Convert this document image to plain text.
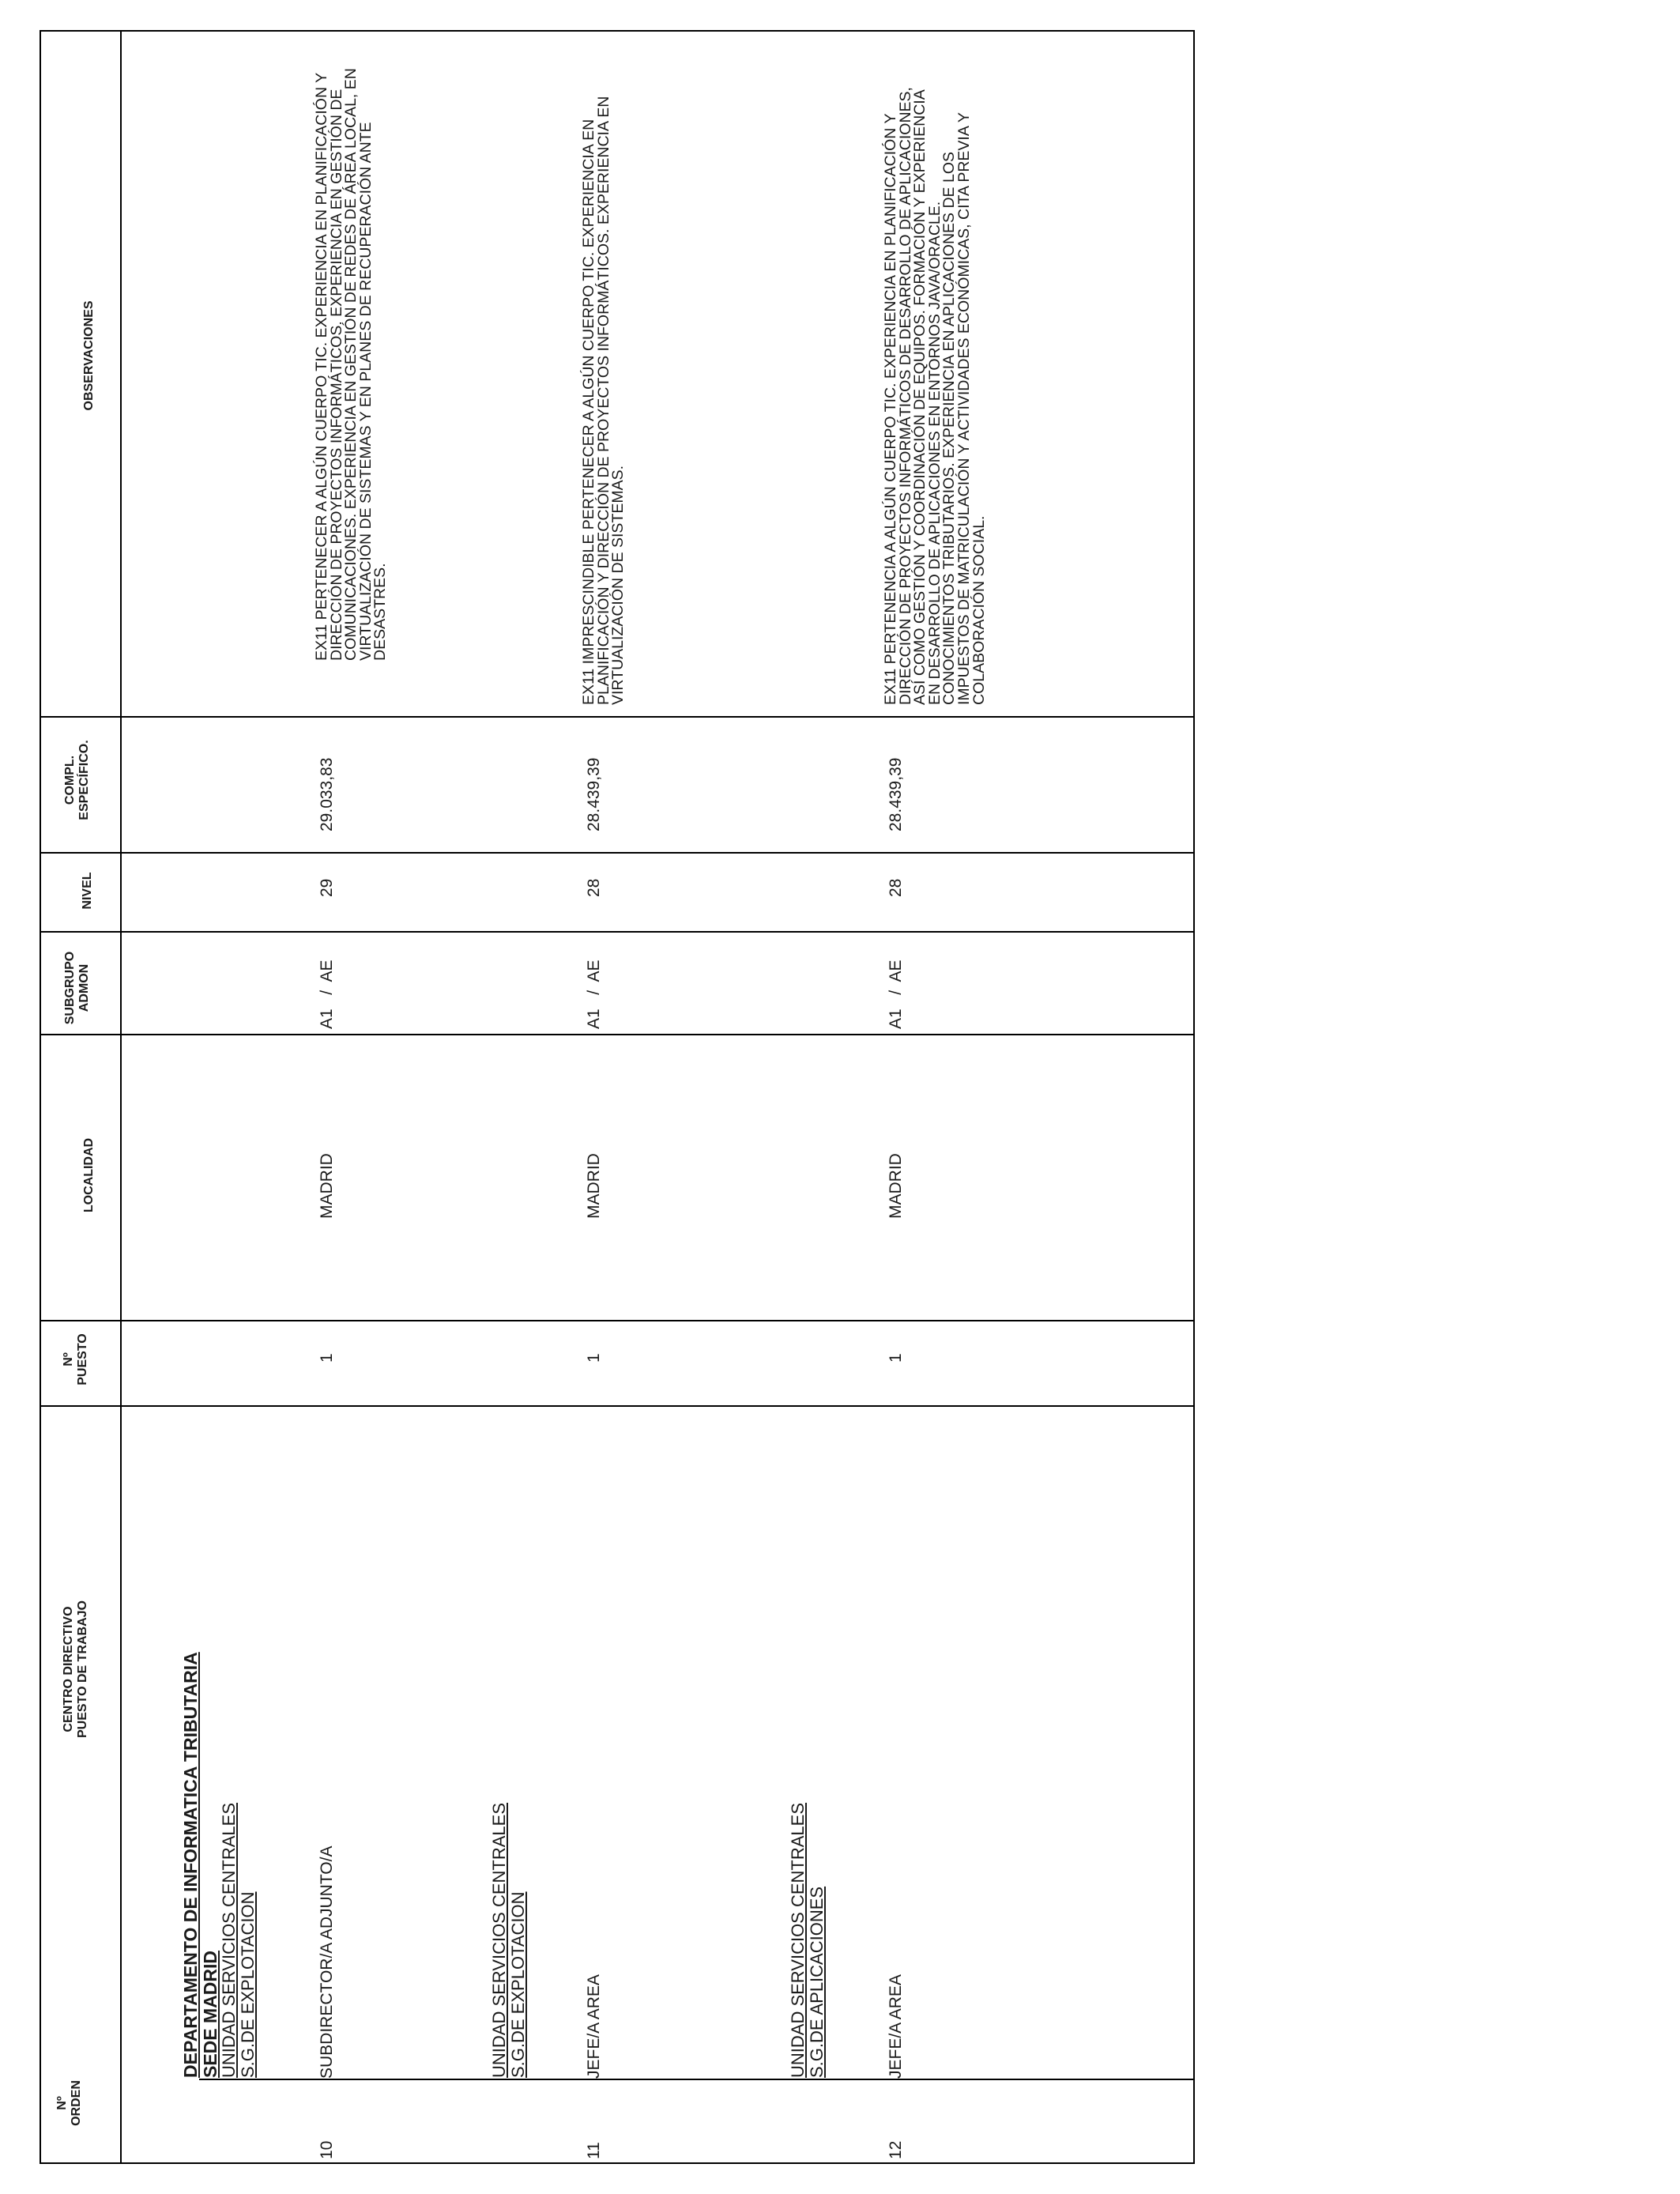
Nº ORDEN
CENTRO DIRECTIVO PUESTO DE TRABAJO
Nº PUESTO
LOCALIDAD
SUBGRUPO ADMON
NIVEL
COMPL. ESPECÍFICO.
OBSERVACIONES
DEPARTAMENTO DE INFORMATICA TRIBUTARIA SEDE MADRID
UNIDAD SERVICIOS CENTRALES S.G.DE EXPLOTACION
10
SUBDIRECTOR/A ADJUNTO/A
1
MADRID
A1   /  AE
29
29.033,83
EX11 PERTENECER A ALGÚN CUERPO TIC. EXPERIENCIA EN PLANIFICACIÓN Y DIRECCIÓN DE PROYECTOS INFORMÁTICOS. EXPERIENCIA EN GESTIÓN DE COMUNICACIONES. EXPERIENCIA EN GESTIÓN DE REDES DE ÁREA LOCAL, EN VIRTUALIZACIÓN DE SISTEMAS Y EN PLANES DE RECUPERACIÓN ANTE DESASTRES.
UNIDAD SERVICIOS CENTRALES S.G.DE EXPLOTACION
11
JEFE/A AREA
1
MADRID
A1   /  AE
28
28.439,39
EX11 IMPRESCINDIBLE PERTENECER A ALGÚN CUERPO TIC. EXPERIENCIA EN PLANIFICACIÓN Y DIRECCIÓN DE PROYECTOS INFORMÁTICOS. EXPERIENCIA EN VIRTUALIZACIÓN DE SISTEMAS.
UNIDAD SERVICIOS CENTRALES S.G.DE APLICACIONES
12
JEFE/A AREA
1
MADRID
A1   /  AE
28
28.439,39
EX11 PERTENENCIA A ALGÚN CUERPO TIC. EXPERIENCIA EN PLANIFICACIÓN Y DIRECCIÓN DE PROYECTOS INFORMÁTICOS DE DESARROLLO DE APLICACIONES, ASÍ COMO GESTIÓN Y COORDINACIÓN DE EQUIPOS. FORMACIÓN Y EXPERIENCIA EN DESARROLLO DE APLICACIONES EN ENTORNOS JAVA/ORACLE. CONOCIMIENTOS TRIBUTARIOS. EXPERIENCIA EN APLICACIONES DE LOS IMPUESTOS DE MATRICULACIÓN Y ACTIVIDADES ECONÓMICAS, CITA PREVIA Y COLABORACIÓN SOCIAL.
